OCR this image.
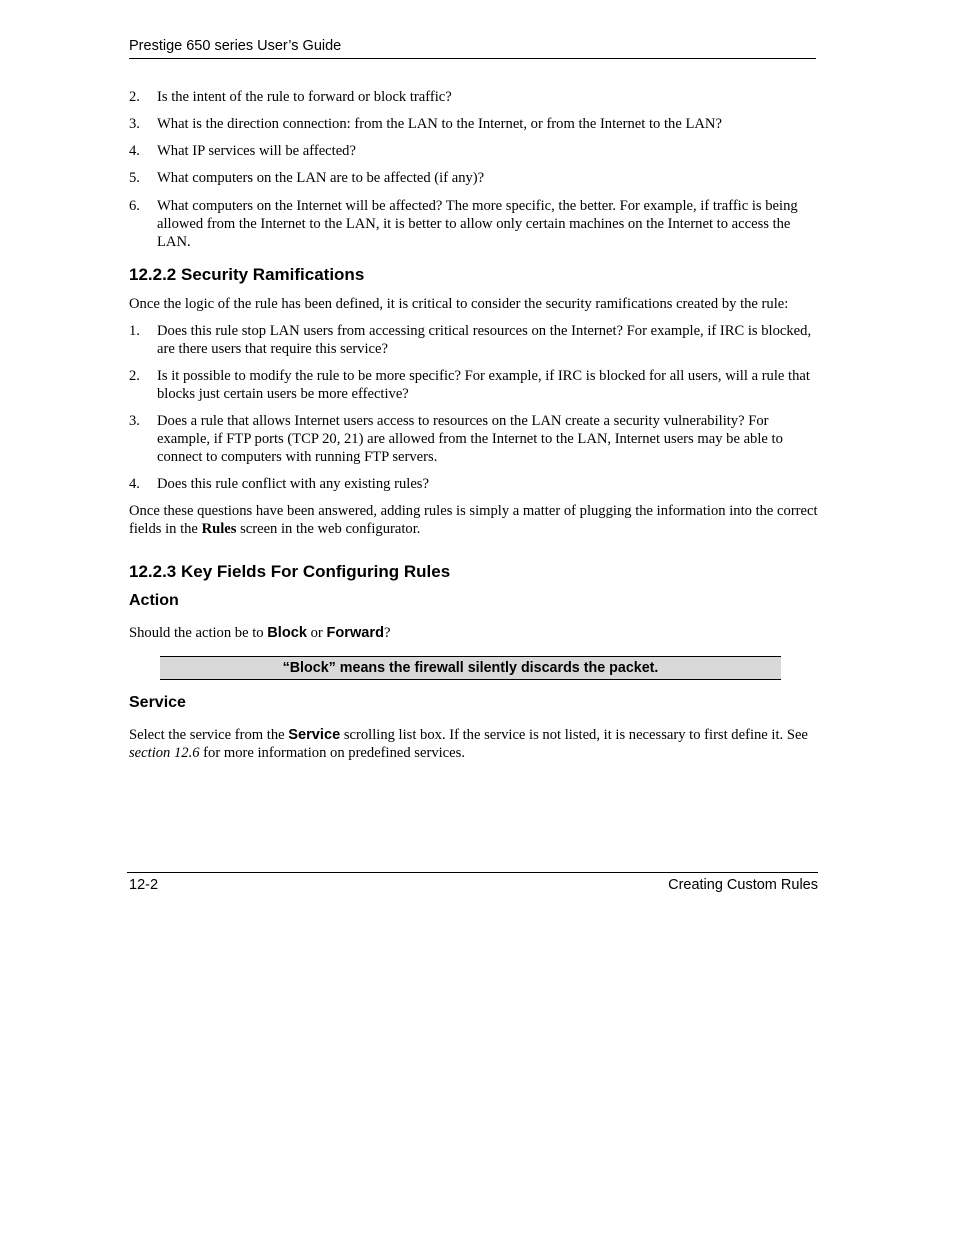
Prestige 650 series User’s Guide
2.	Is the intent of the rule to forward or block traffic?
3.	What is the direction connection: from the LAN to the Internet, or from the Internet to the LAN?
4.	What IP services will be affected?
5.	What computers on the LAN are to be affected (if any)?
6.	What computers on the Internet will be affected? The more specific, the better. For example, if traffic is being allowed from the Internet to the LAN, it is better to allow only certain machines on the Internet to access the LAN.
12.2.2 Security Ramifications

Once the logic of the rule has been defined, it is critical to consider the security ramifications created by the rule:

1.	Does this rule stop LAN users from accessing critical resources on the Internet? For example, if IRC is blocked, are there users that require this service?
2.	Is it possible to modify the rule to be more specific? For example, if IRC is blocked for all users, will a rule that blocks just certain users be more effective?
3.	Does a rule that allows Internet users access to resources on the LAN create a security vulnerability? For example, if FTP ports (TCP 20, 21) are allowed from the Internet to the LAN, Internet users may be able to connect to computers with running FTP servers.
4.	Does this rule conflict with any existing rules?

Once these questions have been answered, adding rules is simply a matter of plugging the information into the correct fields in the Rules screen in the web configurator.

12.2.3 Key Fields For Configuring Rules
Action

Should the action be to Block or Forward?

“Block” means the firewall silently discards the packet.
Service

Select the service from the Service scrolling list box. If the service is not listed, it is necessary to first define it. See section 12.6 for more information on predefined services.

12-2	Creating Custom Rules
